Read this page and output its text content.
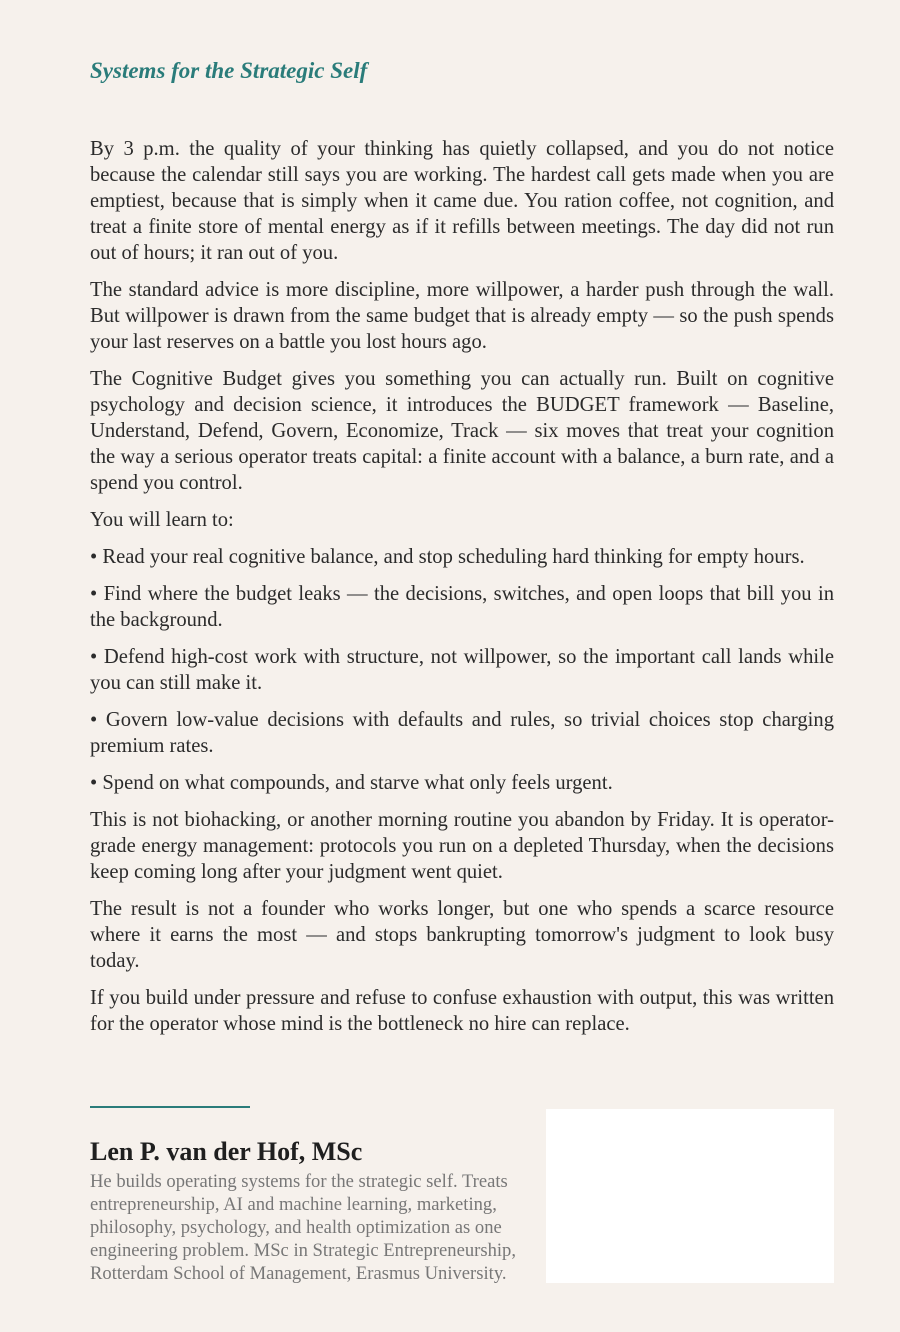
Systems for the Strategic Self

By 3 p.m. the quality of your thinking has quietly collapsed, and you do not notice because the calendar still says you are working. The hardest call gets made when you are emptiest, because that is simply when it came due. You ration coffee, not cognition, and treat a finite store of mental energy as if it refills between meetings. The day did not run out of hours; it ran out of you.

The standard advice is more discipline, more willpower, a harder push through the wall. But willpower is drawn from the same budget that is already empty — so the push spends your last reserves on a battle you lost hours ago.

The Cognitive Budget gives you something you can actually run. Built on cognitive psychology and decision science, it introduces the BUDGET framework — Baseline, Understand, Defend, Govern, Economize, Track — six moves that treat your cognition the way a serious operator treats capital: a finite account with a balance, a burn rate, and a spend you control.

You will learn to:

• Read your real cognitive balance, and stop scheduling hard thinking for empty hours.

• Find where the budget leaks — the decisions, switches, and open loops that bill you in the background.

• Defend high-cost work with structure, not willpower, so the important call lands while you can still make it.

• Govern low-value decisions with defaults and rules, so trivial choices stop charging premium rates.

• Spend on what compounds, and starve what only feels urgent.

This is not biohacking, or another morning routine you abandon by Friday. It is operator-grade energy management: protocols you run on a depleted Thursday, when the decisions keep coming long after your judgment went quiet.

The result is not a founder who works longer, but one who spends a scarce resource where it earns the most — and stops bankrupting tomorrow's judgment to look busy today.

If you build under pressure and refuse to confuse exhaustion with output, this was written for the operator whose mind is the bottleneck no hire can replace.

Len P. van der Hof, MSc

He builds operating systems for the strategic self. Treats entrepreneurship, AI and machine learning, marketing, philosophy, psychology, and health optimization as one engineering problem. MSc in Strategic Entrepreneurship, Rotterdam School of Management, Erasmus University.
